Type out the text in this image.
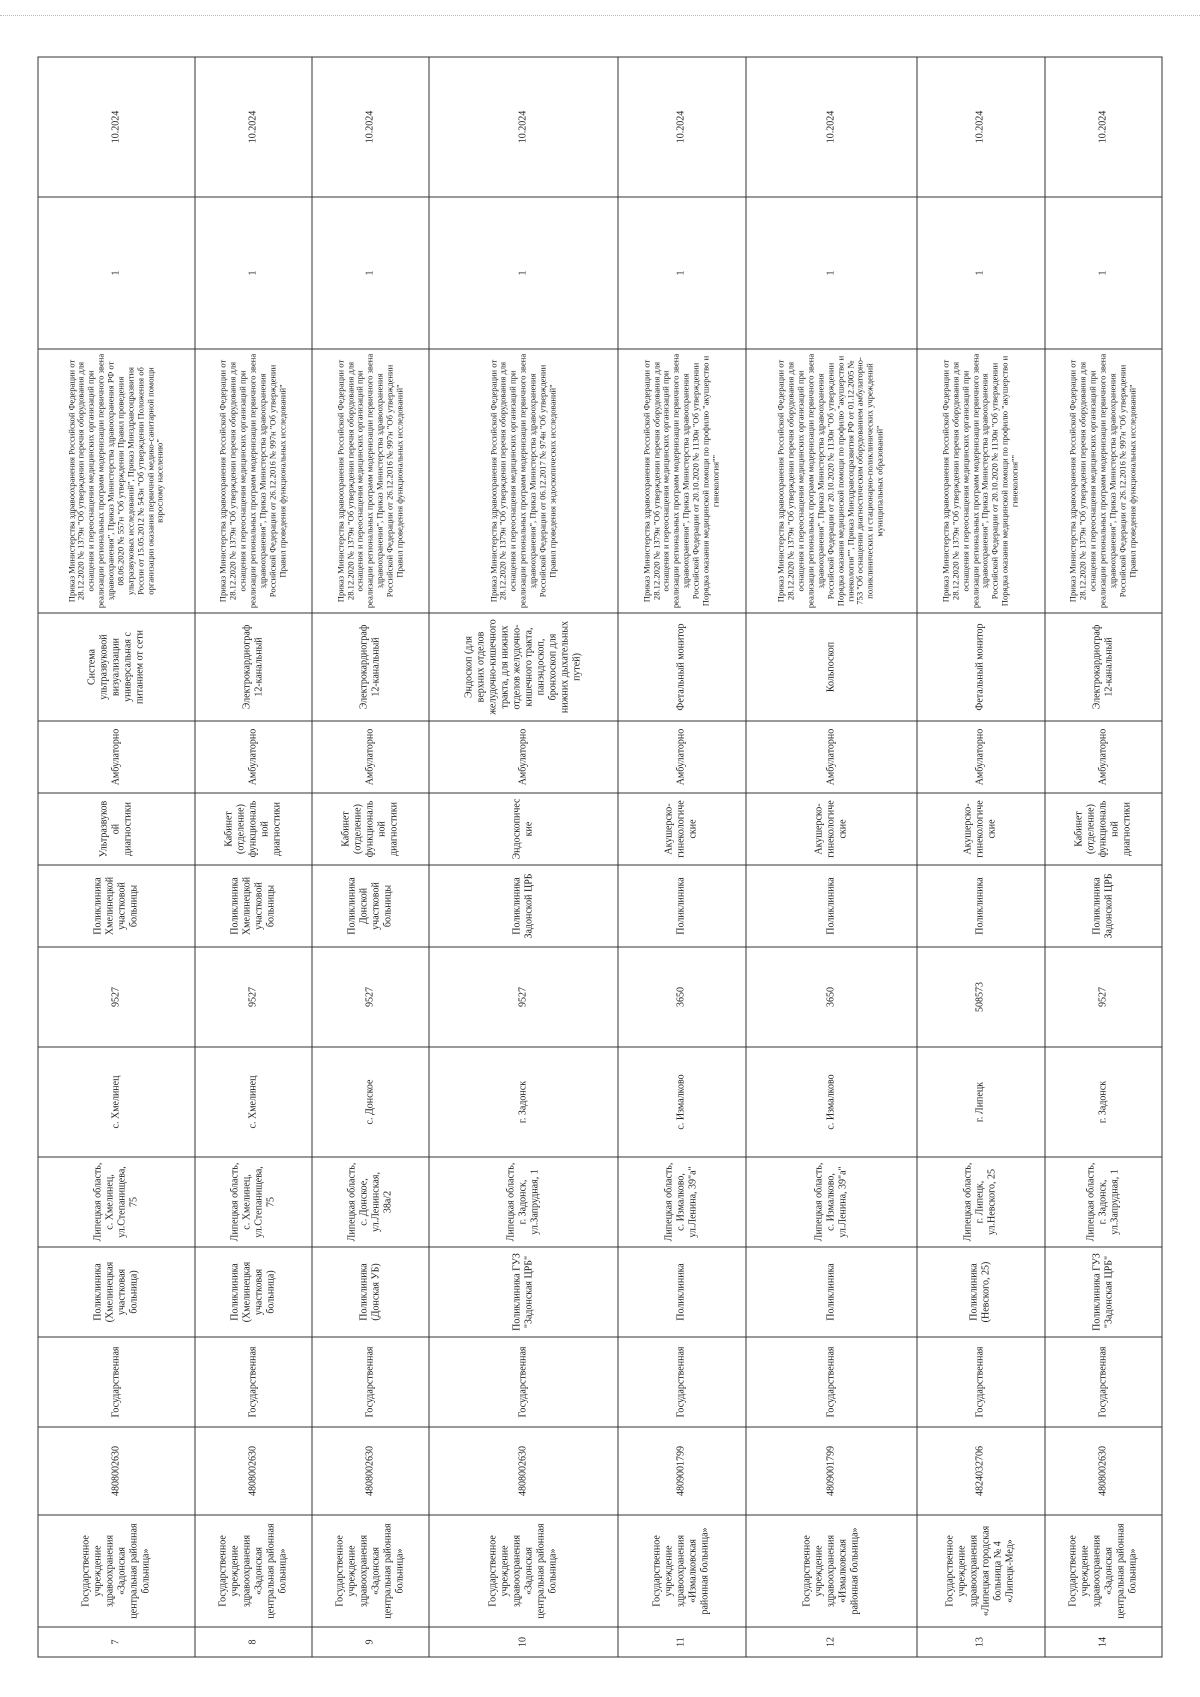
7	Государственное учреждение здравоохранения «Задонская центральная районная больница»	4808002630	Государственная	Поликлиника (Хмелинецкая участковая больница)	Липецкая область, с. Хмелинец, ул.Степанищева, 75	с. Хмелинец	9527	Поликлиника Хмелинецкой участковой больницы	Ультразвуковой диагностики	Амбулаторно	Система ультразвуковой визуализации универсальная с питанием от сети	Приказ Министерства здравоохранения Российской Федерации от 28.12.2020 № 1379н "Об утверждении перечня оборудования для оснащения и переоснащения медицинских организаций при реализации региональных программ модернизации первичного звена здравоохранения", Приказ Министерства здравоохранения РФ от 08.06.2020 № 557н "Об утверждении Правил проведения ультразвуковых исследований", Приказ Минздравсоцразвития России от 15.05.2012 № 543н "Об утверждении Положения об организации оказания первичной медико-санитарной помощи взрослому населению"	1	10.2024
8	Государственное учреждение здравоохранения «Задонская центральная районная больница»	4808002630	Государственная	Поликлиника (Хмелинецкая участковая больница)	Липецкая область, с. Хмелинец, ул.Степанищева, 75	с. Хмелинец	9527	Поликлиника Хмелинецкой участковой больницы	Кабинет (отделение) функциональной диагностики	Амбулаторно	Электрокардиограф 12-канальный	Приказ Министерства здравоохранения Российской Федерации от 28.12.2020 № 1379н "Об утверждении перечня оборудования для оснащения и переоснащения медицинских организаций при реализации региональных программ модернизации первичного звена здравоохранения", Приказ Министерства здравоохранения Российской Федерации от 26.12.2016 № 997н "Об утверждении Правил проведения функциональных исследований"	1	10.2024
9	Государственное учреждение здравоохранения «Задонская центральная районная больница»	4808002630	Государственная	Поликлиника (Донская УБ)	Липецкая область, с. Донское, ул.Ленинская, 38а/2	с. Донское	9527	Поликлиника Донской участковой больницы	Кабинет (отделение) функциональной диагностики	Амбулаторно	Электрокардиограф 12-канальный	Приказ Министерства здравоохранения Российской Федерации от 28.12.2020 № 1379н "Об утверждении перечня оборудования для оснащения и переоснащения медицинских организаций при реализации региональных программ модернизации первичного звена здравоохранения", Приказ Министерства здравоохранения Российской Федерации от 26.12.2016 № 997н "Об утверждении Правил проведения функциональных исследований"	1	10.2024
10	Государственное учреждение здравоохранения «Задонская центральная районная больница»	4808002630	Государственная	Поликлиника ГУЗ "Задонская ЦРБ"	Липецкая область, г. Задонск, ул.Запрудная, 1	г. Задонск	9527	Поликлиника Задонской ЦРБ	Эндоскопические	Амбулаторно	Эндоскоп (для верхних отделов желудочно-кишечного тракта, для нижних отделов желудочно-кишечного тракта, панэндоскоп, бронхоскоп для нижних дыхательных путей)	Приказ Министерства здравоохранения Российской Федерации от 28.12.2020 № 1379н "Об утверждении перечня оборудования для оснащения и переоснащения медицинских организаций при реализации региональных программ модернизации первичного звена здравоохранения", Приказ Министерства здравоохранения Российской Федерации от 06.12.2017 № 974н "Об утверждении Правил проведения эндоскопических исследований"	1	10.2024
11	Государственное учреждение здравоохранения «Измалковская районная больница»	4809001799	Государственная	Поликлиника	Липецкая область, с. Измалково, ул.Ленина, 39"а"	с. Измалково	3650	Поликлиника	Акушерско-гинекологические	Амбулаторно	Фетальный монитор	Приказ Министерства здравоохранения Российской Федерации от 28.12.2020 № 1379н "Об утверждении перечня оборудования для оснащения и переоснащения медицинских организаций при реализации региональных программ модернизации первичного звена здравоохранения", Приказ Министерства здравоохранения Российской Федерации от 20.10.2020 № 1130н "Об утверждении Порядка оказания медицинской помощи по профилю "акушерство и гинекология""	1	10.2024
12	Государственное учреждение здравоохранения «Измалковская районная больница»	4809001799	Государственная	Поликлиника	Липецкая область, с. Измалково, ул.Ленина, 39"а"	с. Измалково	3650	Поликлиника	Акушерско-гинекологические	Амбулаторно	Кольпоскоп	Приказ Министерства здравоохранения Российской Федерации от 28.12.2020 № 1379н "Об утверждении перечня оборудования для оснащения и переоснащения медицинских организаций при реализации региональных программ модернизации первичного звена здравоохранения", Приказ Министерства здравоохранения Российской Федерации от 20.10.2020 № 1130н "Об утверждении Порядка оказания медицинской помощи по профилю "акушерство и гинекология"", Приказ Минздравсоцразвития РФ от 01.12.2005 № 753 "Об оснащении диагностическим оборудованием амбулаторно-поликлинических и стационарно-поликлинических учреждений муниципальных образований"	1	10.2024
13	Государственное учреждение здравоохранения «Липецкая городская больница № 4 «Липецк-Мед»	4824032706	Государственная	Поликлиника (Невского, 25)	Липецкая область, г. Липецк, ул.Невского, 25	г. Липецк	508573	Поликлиника	Акушерско-гинекологические	Амбулаторно	Фетальный монитор	Приказ Министерства здравоохранения Российской Федерации от 28.12.2020 № 1379н "Об утверждении перечня оборудования для оснащения и переоснащения медицинских организаций при реализации региональных программ модернизации первичного звена здравоохранения", Приказ Министерства здравоохранения Российской Федерации от 20.10.2020 № 1130н "Об утверждении Порядка оказания медицинской помощи по профилю "акушерство и гинекология""	1	10.2024
14	Государственное учреждение здравоохранения «Задонская центральная районная больница»	4808002630	Государственная	Поликлиника ГУЗ "Задонская ЦРБ"	Липецкая область, г. Задонск, ул.Запрудная, 1	г. Задонск	9527	Поликлиника Задонской ЦРБ	Кабинет (отделение) функциональной диагностики	Амбулаторно	Электрокардиограф 12-канальный	Приказ Министерства здравоохранения Российской Федерации от 28.12.2020 № 1379н "Об утверждении перечня оборудования для оснащения и переоснащения медицинских организаций при реализации региональных программ модернизации первичного звена здравоохранения", Приказ Министерства здравоохранения Российской Федерации от 26.12.2016 № 997н "Об утверждении Правил проведения функциональных исследований"	1	10.2024
